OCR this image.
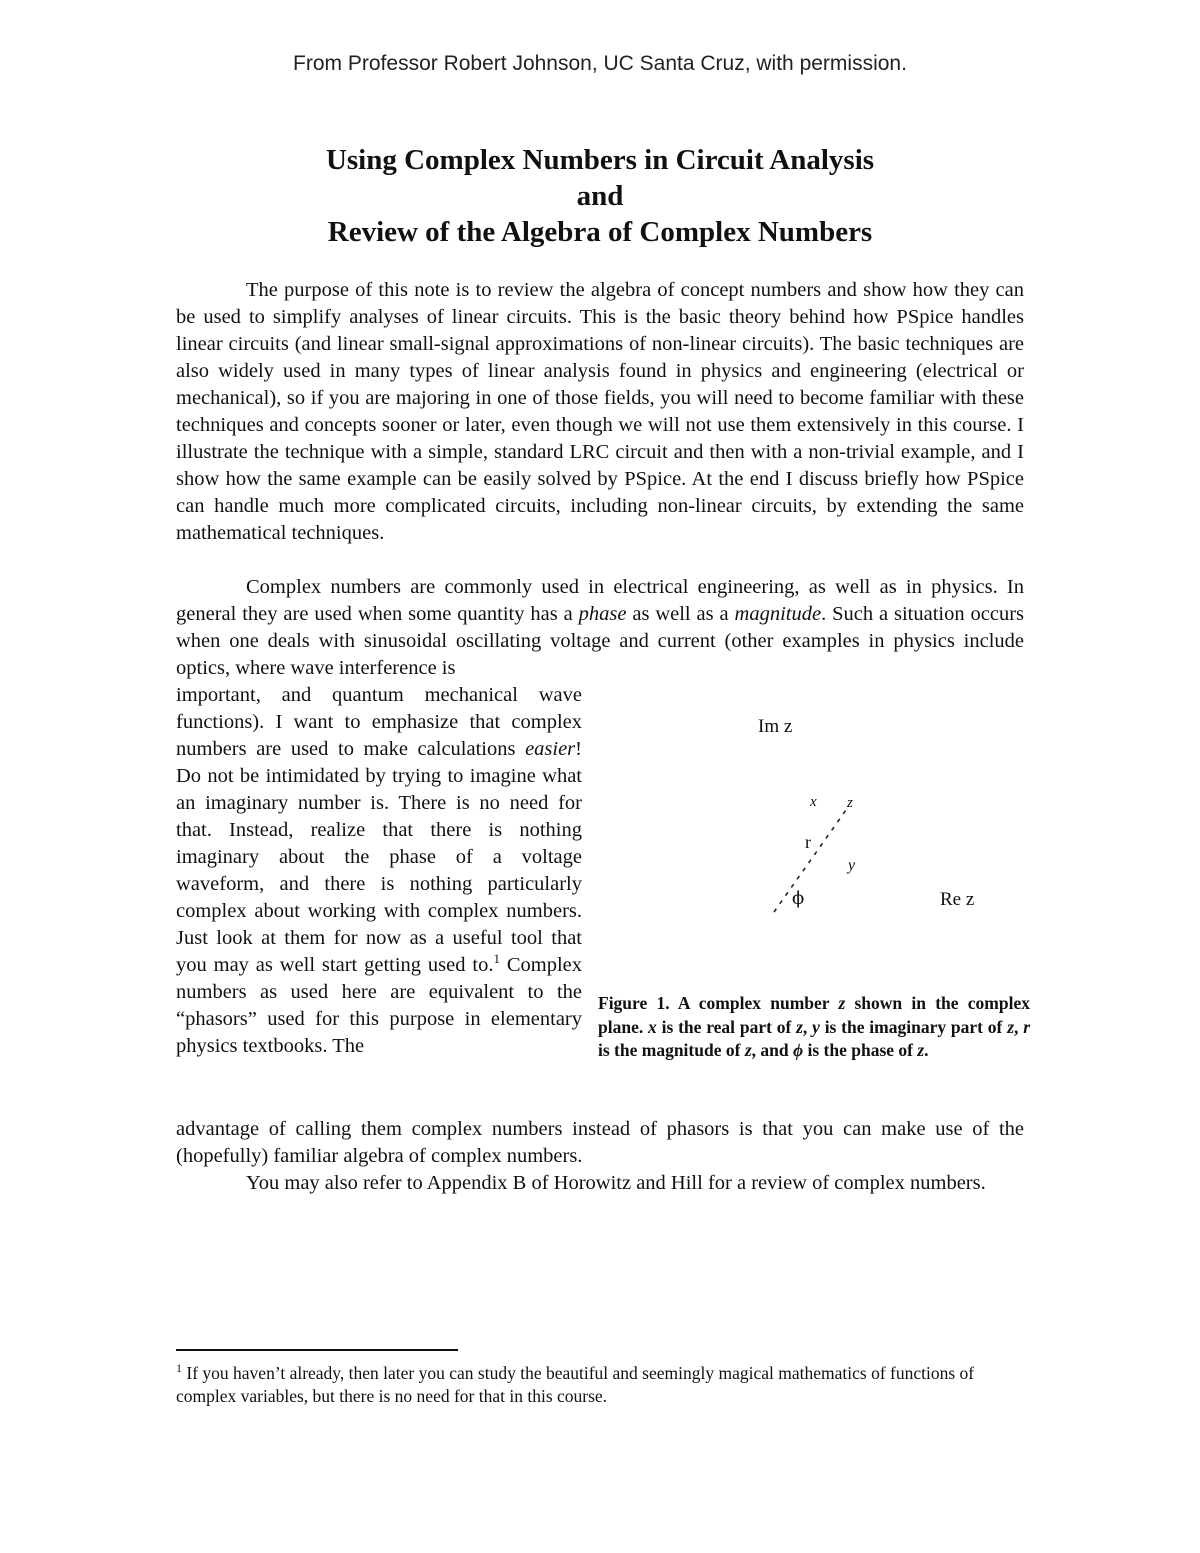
From Professor Robert Johnson, UC Santa Cruz, with permission.
Using Complex Numbers in Circuit Analysis
and
Review of the Algebra of Complex Numbers

The purpose of this note is to review the algebra of concept numbers and show how they can be used to simplify analyses of linear circuits. This is the basic theory behind how PSpice handles linear circuits (and linear small-signal approximations of non-linear circuits). The basic techniques are also widely used in many types of linear analysis found in physics and engineering (electrical or mechanical), so if you are majoring in one of those fields, you will need to become familiar with these techniques and concepts sooner or later, even though we will not use them extensively in this course. I illustrate the technique with a simple, standard LRC circuit and then with a non-trivial example, and I show how the same example can be easily solved by PSpice. At the end I discuss briefly how PSpice can handle much more complicated circuits, including non-linear circuits, by extending the same mathematical techniques.

Complex numbers are commonly used in electrical engineering, as well as in physics. In general they are used when some quantity has a phase as well as a magnitude. Such a situation occurs when one deals with sinusoidal oscillating voltage and current (other examples in physics include optics, where wave interference is

important, and quantum mechanical wave functions). I want to emphasize that complex numbers are used to make calculations easier! Do not be intimidated by trying to imagine what an imaginary number is. There is no need for that. Instead, realize that there is nothing imaginary about the phase of a voltage waveform, and there is nothing particularly complex about working with complex numbers. Just look at them for now as a useful tool that you may as well start getting used to.$^1$ Complex numbers as used here are equivalent to the “phasors” used for this purpose in elementary physics textbooks. The
Im z
Re z
x z
r
y
ϕ
Figure 1. A complex number z shown in the complex plane. x is the real part of z, y is the imaginary part of z, r is the magnitude of z, and ϕ is the phase of z.
advantage of calling them complex numbers instead of phasors is that you can make use of the (hopefully) familiar algebra of complex numbers.

You may also refer to Appendix B of Horowitz and Hill for a review of complex numbers.

$^1$ If you haven’t already, then later you can study the beautiful and seemingly magical mathematics of functions of complex variables, but there is no need for that in this course.
